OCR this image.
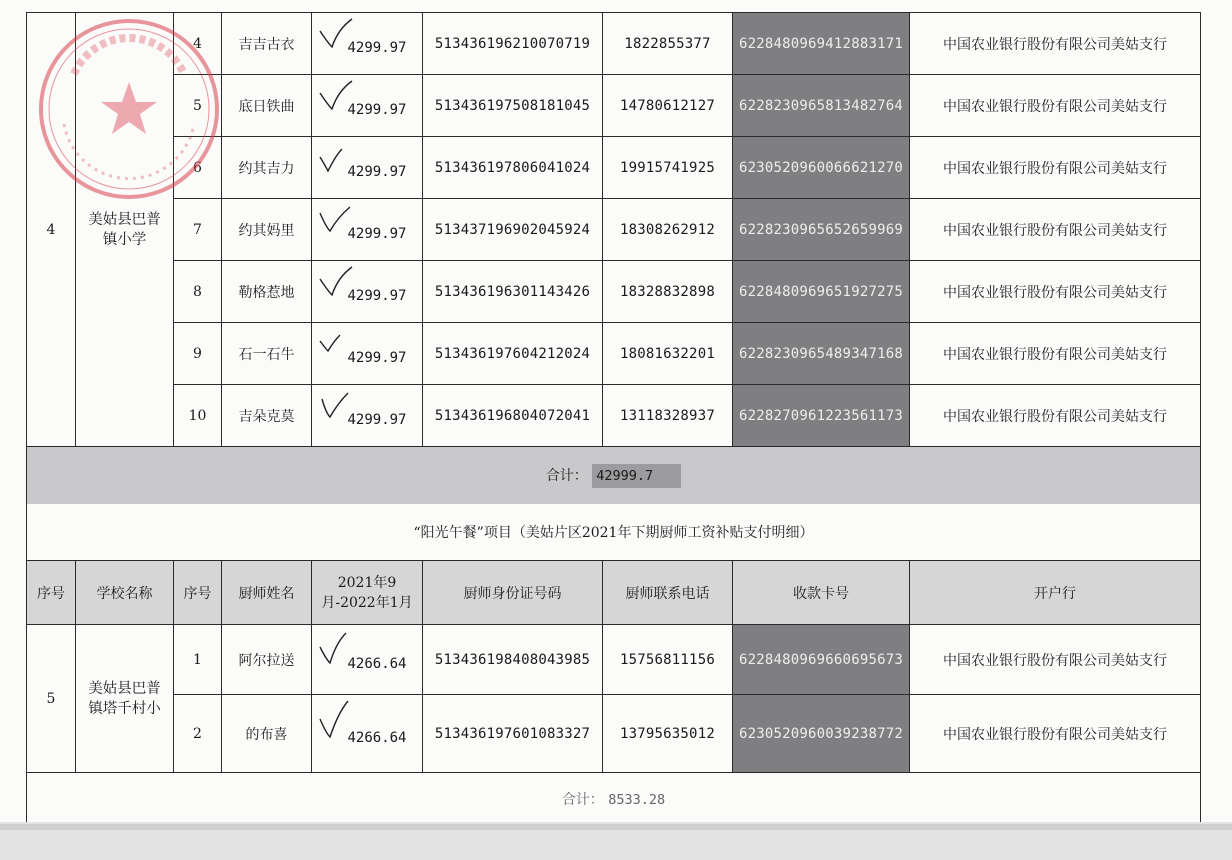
4	美姑县巴普镇小学	4	吉吉古衣	4299.97	513436196210070719	1822855377	6228480969412883171	中国农业银行股份有限公司美姑支行
		5	底日铁曲	4299.97	513436197508181045	14780612127	6228230965813482764	中国农业银行股份有限公司美姑支行
		6	约其吉力	4299.97	513436197806041024	19915741925	6230520960066621270	中国农业银行股份有限公司美姑支行
		7	约其妈里	4299.97	513437196902045924	18308262912	6228230965652659969	中国农业银行股份有限公司美姑支行
		8	勒格惹地	4299.97	513436196301143426	18328832898	6228480969651927275	中国农业银行股份有限公司美姑支行
		9	石一石牛	4299.97	513436197604212024	18081632201	6228230965489347168	中国农业银行股份有限公司美姑支行
		10	吉朵克莫	4299.97	513436196804072041	13118328937	6228270961223561173	中国农业银行股份有限公司美姑支行
合计： 42999.7								
“阳光午餐”项目（美姑片区2021年下期厨师工资补贴支付明细）								
序号	学校名称	序号	厨师姓名	2021年9月-2022年1月	厨师身份证号码	厨师联系电话	收款卡号	开户行
5	美姑县巴普镇塔千村小	1	阿尔拉送	4266.64	513436198408043985	15756811156	6228480969660695673	中国农业银行股份有限公司美姑支行
		2	的布喜	4266.64	513436197601083327	13795635012	6230520960039238772	中国农业银行股份有限公司美姑支行
合计： 8533.28								
